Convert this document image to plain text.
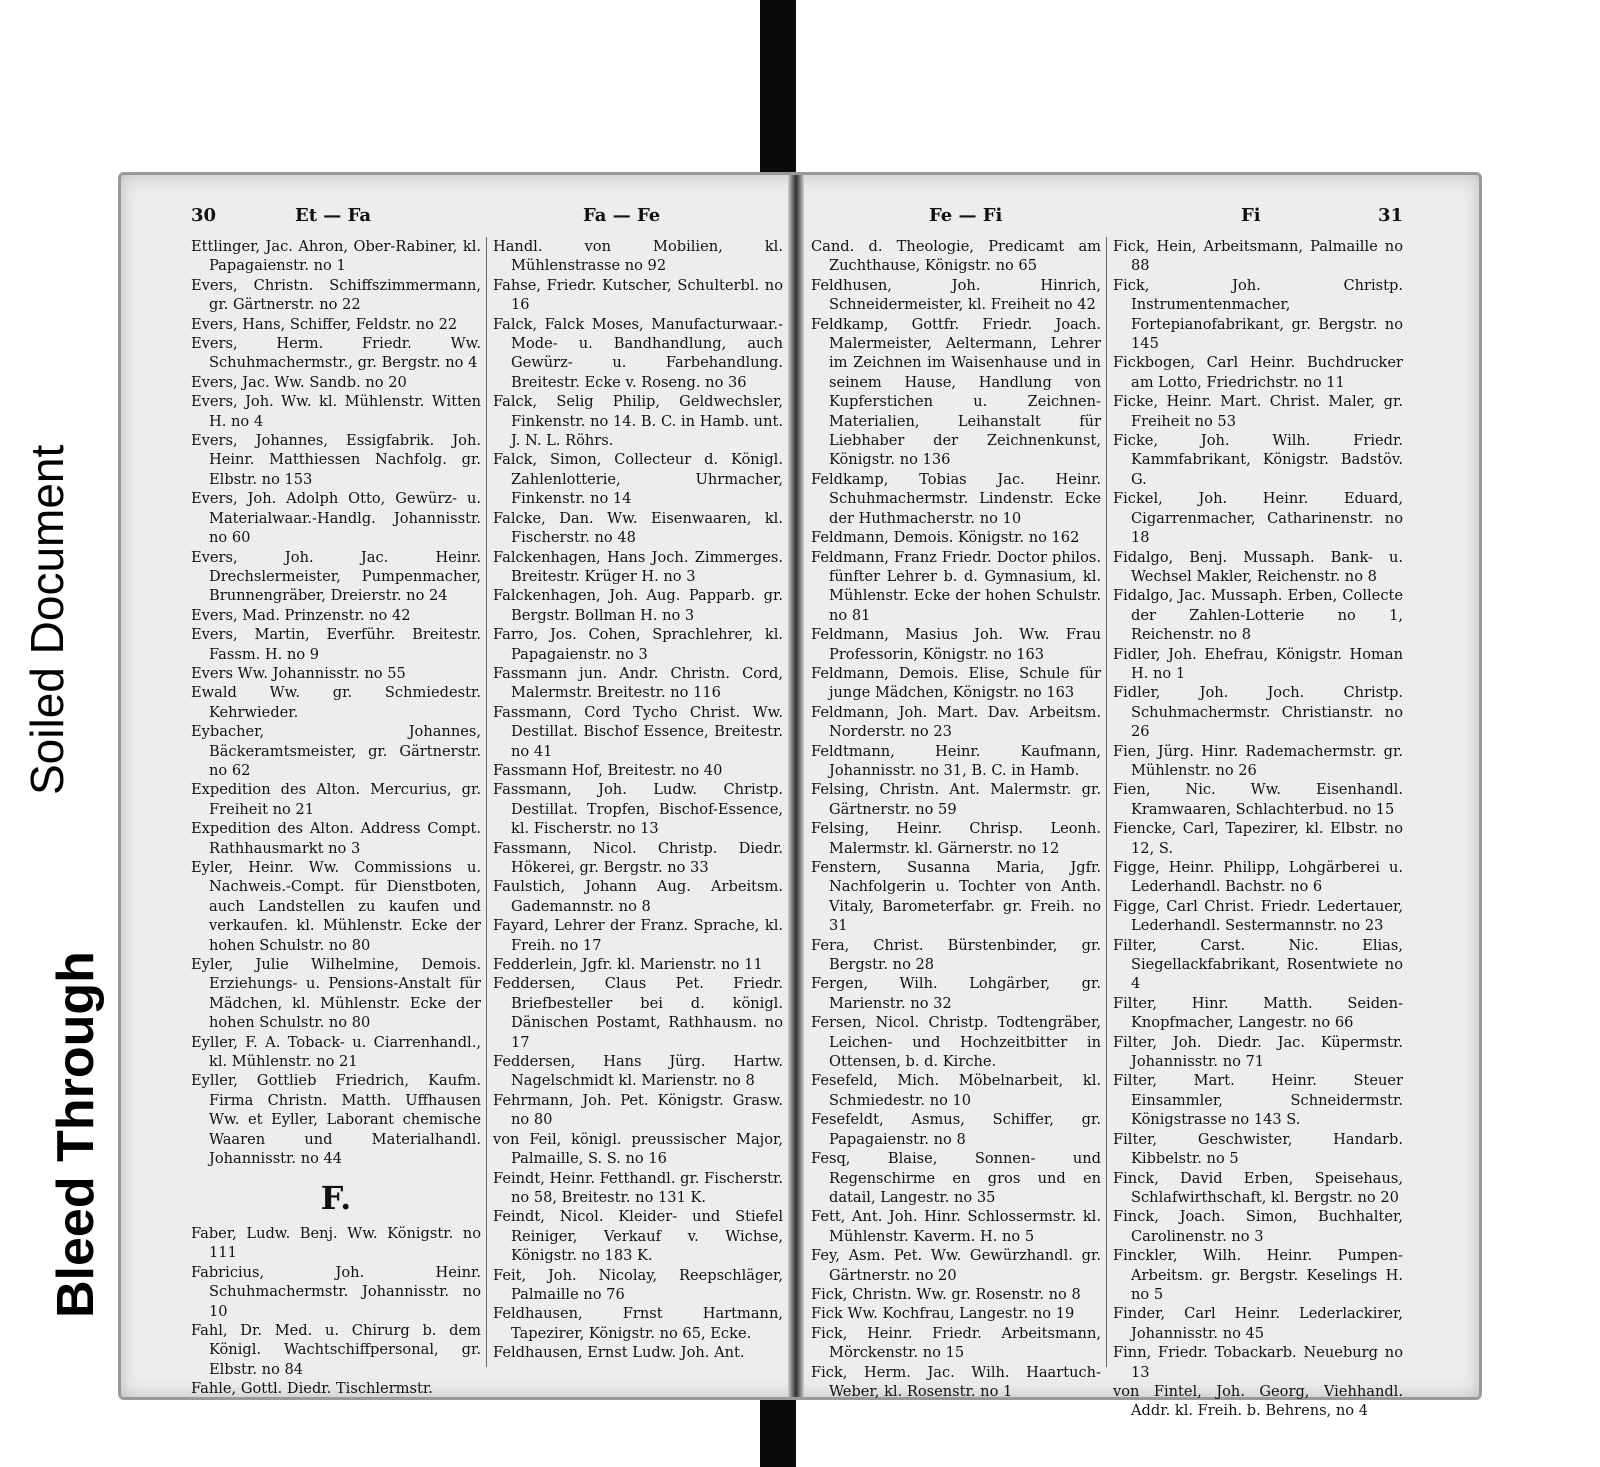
Soiled Document
Bleed Through
30	Et — Fa	Fa — Fe

Ettlinger, Jac. Ahron, Ober-Rabiner, kl. Papagaienstr. no 1

Evers, Christn. Schiffszimmermann, gr. Gärtnerstr. no 22

Evers, Hans, Schiffer, Feldstr. no 22

Evers, Herm. Friedr. Ww. Schuhmachermstr., gr. Bergstr. no 4

Evers, Jac. Ww. Sandb. no 20

Evers, Joh. Ww. kl. Mühlenstr. Witten H. no 4

Evers, Johannes, Essigfabrik. Joh. Heinr. Matthiessen Nachfolg. gr. Elbstr. no 153

Evers, Joh. Adolph Otto, Gewürz- u. Materialwaar.-Handlg. Johannisstr. no 60

Evers, Joh. Jac. Heinr. Drechslermeister, Pumpenmacher, Brunnengräber, Dreierstr. no 24

Evers, Mad. Prinzenstr. no 42

Evers, Martin, Everführ. Breitestr. Fassm. H. no 9

Evers Ww. Johannisstr. no 55

Ewald Ww. gr. Schmiedestr. Kehrwieder.

Eybacher, Johannes, Bäckeramtsmeister, gr. Gärtnerstr. no 62

Expedition des Alton. Mercurius, gr. Freiheit no 21

Expedition des Alton. Address Compt. Rathhausmarkt no 3

Eyler, Heinr. Ww. Commissions u. Nachweis.-Compt. für Dienstboten, auch Landstellen zu kaufen und verkaufen. kl. Mühlenstr. Ecke der hohen Schulstr. no 80

Eyler, Julie Wilhelmine, Demois. Erziehungs- u. Pensions-Anstalt für Mädchen, kl. Mühlenstr. Ecke der hohen Schulstr. no 80

Eyller, F. A. Toback- u. Ciarrenhandl., kl. Mühlenstr. no 21

Eyller, Gottlieb Friedrich, Kaufm. Firma Christn. Matth. Uffhausen Ww. et Eyller, Laborant chemische Waaren und Materialhandl. Johannisstr. no 44

F.

Faber, Ludw. Benj. Ww. Königstr. no 111

Fabricius, Joh. Heinr. Schuhmachermstr. Johannisstr. no 10

Fahl, Dr. Med. u. Chirurg b. dem Königl. Wachtschiffpersonal, gr. Elbstr. no 84

Fahle, Gottl. Diedr. Tischlermstr.

Handl. von Mobilien, kl. Mühlenstrasse no 92

Fahse, Friedr. Kutscher, Schulterbl. no 16

Falck, Falck Moses, Manufacturwaar.- Mode- u. Bandhandlung, auch Gewürz- u. Farbehandlung. Breitestr. Ecke v. Roseng. no 36

Falck, Selig Philip, Geldwechsler, Finkenstr. no 14. B. C. in Hamb. unt. J. N. L. Röhrs.

Falck, Simon, Collecteur d. Königl. Zahlenlotterie, Uhrmacher, Finkenstr. no 14

Falcke, Dan. Ww. Eisenwaaren, kl. Fischerstr. no 48

Falckenhagen, Hans Joch. Zimmerges. Breitestr. Krüger H. no 3

Falckenhagen, Joh. Aug. Papparb. gr. Bergstr. Bollman H. no 3

Farro, Jos. Cohen, Sprachlehrer, kl. Papagaienstr. no 3

Fassmann jun. Andr. Christn. Cord, Malermstr. Breitestr. no 116

Fassmann, Cord Tycho Christ. Ww. Destillat. Bischof Essence, Breitestr. no 41

Fassmann Hof, Breitestr. no 40

Fassmann, Joh. Ludw. Christp. Destillat. Tropfen, Bischof-Essence, kl. Fischerstr. no 13

Fassmann, Nicol. Christp. Diedr. Hökerei, gr. Bergstr. no 33

Faulstich, Johann Aug. Arbeitsm. Gademannstr. no 8

Fayard, Lehrer der Franz. Sprache, kl. Freih. no 17

Fedderlein, Jgfr. kl. Marienstr. no 11

Feddersen, Claus Pet. Friedr. Briefbesteller bei d. königl. Dänischen Postamt, Rathhausm. no 17

Feddersen, Hans Jürg. Hartw. Nagelschmidt kl. Marienstr. no 8

Fehrmann, Joh. Pet. Königstr. Grasw. no 80

von Feil, königl. preussischer Major, Palmaille, S. S. no 16

Feindt, Heinr. Fetthandl. gr. Fischerstr. no 58, Breitestr. no 131 K.

Feindt, Nicol. Kleider- und Stiefel Reiniger, Verkauf v. Wichse, Königstr. no 183 K.

Feit, Joh. Nicolay, Reepschläger, Palmaille no 76

Feldhausen, Frnst Hartmann, Tapezirer, Königstr. no 65, Ecke.

Feldhausen, Ernst Ludw. Joh. Ant.

Fe — Fi	Fi	31

Cand. d. Theologie, Predicamt am Zuchthause, Königstr. no 65

Feldhusen, Joh. Hinrich, Schneidermeister, kl. Freiheit no 42

Feldkamp, Gottfr. Friedr. Joach. Malermeister, Aeltermann, Lehrer im Zeichnen im Waisenhause und in seinem Hause, Handlung von Kupferstichen u. Zeichnen-Materialien, Leihanstalt für Liebhaber der Zeichnenkunst, Königstr. no 136

Feldkamp, Tobias Jac. Heinr. Schuhmachermstr. Lindenstr. Ecke der Huthmacherstr. no 10

Feldmann, Demois. Königstr. no 162

Feldmann, Franz Friedr. Doctor philos. fünfter Lehrer b. d. Gymnasium, kl. Mühlenstr. Ecke der hohen Schulstr. no 81

Feldmann, Masius Joh. Ww. Frau Professorin, Königstr. no 163

Feldmann, Demois. Elise, Schule für junge Mädchen, Königstr. no 163

Feldmann, Joh. Mart. Dav. Arbeitsm. Norderstr. no 23

Feldtmann, Heinr. Kaufmann, Johannisstr. no 31, B. C. in Hamb.

Felsing, Christn. Ant. Malermstr. gr. Gärtnerstr. no 59

Felsing, Heinr. Chrisp. Leonh. Malermstr. kl. Gärnerstr. no 12

Fenstern, Susanna Maria, Jgfr. Nachfolgerin u. Tochter von Anth. Vitaly, Barometerfabr. gr. Freih. no 31

Fera, Christ. Bürstenbinder, gr. Bergstr. no 28

Fergen, Wilh. Lohgärber, gr. Marienstr. no 32

Fersen, Nicol. Christp. Todtengräber, Leichen- und Hochzeitbitter in Ottensen, b. d. Kirche.

Fesefeld, Mich. Möbelnarbeit, kl. Schmiedestr. no 10

Fesefeldt, Asmus, Schiffer, gr. Papagaienstr. no 8

Fesq, Blaise, Sonnen- und Regenschirme en gros und en datail, Langestr. no 35

Fett, Ant. Joh. Hinr. Schlossermstr. kl. Mühlenstr. Kaverm. H. no 5

Fey, Asm. Pet. Ww. Gewürzhandl. gr. Gärtnerstr. no 20

Fick, Christn. Ww. gr. Rosenstr. no 8

Fick Ww. Kochfrau, Langestr. no 19

Fick, Heinr. Friedr. Arbeitsmann, Mörckenstr. no 15

Fick, Herm. Jac. Wilh. Haartuch-Weber, kl. Rosenstr. no 1

Fick, Hein, Arbeitsmann, Palmaille no 88

Fick, Joh. Christp. Instrumentenmacher, Fortepianofabrikant, gr. Bergstr. no 145

Fickbogen, Carl Heinr. Buchdrucker am Lotto, Friedrichstr. no 11

Ficke, Heinr. Mart. Christ. Maler, gr. Freiheit no 53

Ficke, Joh. Wilh. Friedr. Kammfabrikant, Königstr. Badstöv. G.

Fickel, Joh. Heinr. Eduard, Cigarrenmacher, Catharinenstr. no 18

Fidalgo, Benj. Mussaph. Bank- u. Wechsel Makler, Reichenstr. no 8

Fidalgo, Jac. Mussaph. Erben, Collecte der Zahlen-Lotterie no 1, Reichenstr. no 8

Fidler, Joh. Ehefrau, Königstr. Homan H. no 1

Fidler, Joh. Joch. Christp. Schuhmachermstr. Christianstr. no 26

Fien, Jürg. Hinr. Rademachermstr. gr. Mühlenstr. no 26

Fien, Nic. Ww. Eisenhandl. Kramwaaren, Schlachterbud. no 15

Fiencke, Carl, Tapezirer, kl. Elbstr. no 12, S.

Figge, Heinr. Philipp, Lohgärberei u. Lederhandl. Bachstr. no 6

Figge, Carl Christ. Friedr. Ledertauer, Lederhandl. Sestermannstr. no 23

Filter, Carst. Nic. Elias, Siegellackfabrikant, Rosentwiete no 4

Filter, Hinr. Matth. Seiden-Knopfmacher, Langestr. no 66

Filter, Joh. Diedr. Jac. Küpermstr. Johannisstr. no 71

Filter, Mart. Heinr. Steuer Einsammler, Schneidermstr. Königstrasse no 143 S.

Filter, Geschwister, Handarb. Kibbelstr. no 5

Finck, David Erben, Speisehaus, Schlafwirthschaft, kl. Bergstr. no 20

Finck, Joach. Simon, Buchhalter, Carolinenstr. no 3

Finckler, Wilh. Heinr. Pumpen-Arbeitsm. gr. Bergstr. Keselings H. no 5

Finder, Carl Heinr. Lederlackirer, Johannisstr. no 45

Finn, Friedr. Tobackarb. Neueburg no 13

von Fintel, Joh. Georg, Viehhandl. Addr. kl. Freih. b. Behrens, no 4
